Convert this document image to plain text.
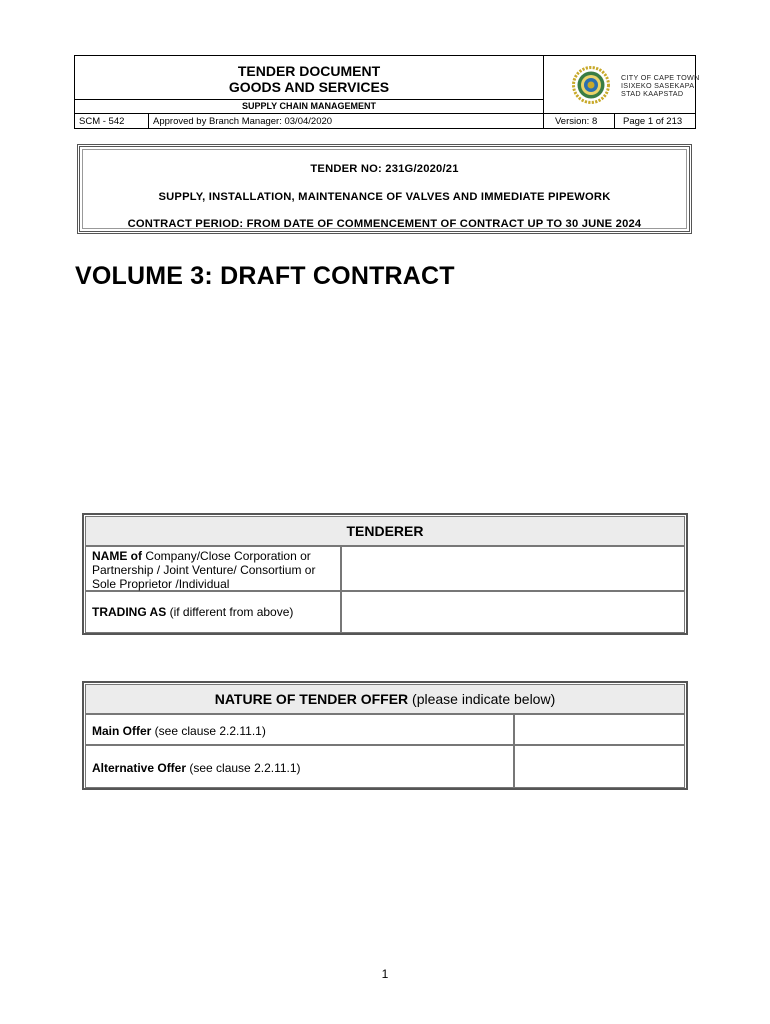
TENDER DOCUMENT
GOODS AND SERVICES
SUPPLY CHAIN MANAGEMENT
CITY OF CAPE TOWN
ISIXEKO SASEKAPA
STAD KAAPSTAD
SCM - 542	Approved by Branch Manager: 03/04/2020	Version: 8	Page 1 of 213
TENDER NO: 231G/2020/21
SUPPLY, INSTALLATION, MAINTENANCE OF VALVES AND IMMEDIATE PIPEWORK
CONTRACT PERIOD: FROM DATE OF COMMENCEMENT OF CONTRACT UP TO 30 JUNE 2024
VOLUME 3: DRAFT CONTRACT
TENDERER
NAME of Company/Close Corporation or
Partnership / Joint Venture/ Consortium or
Sole Proprietor /Individual
TRADING AS (if different from above)
NATURE OF TENDER OFFER (please indicate below)
Main Offer (see clause 2.2.11.1)
Alternative Offer (see clause 2.2.11.1)
1
